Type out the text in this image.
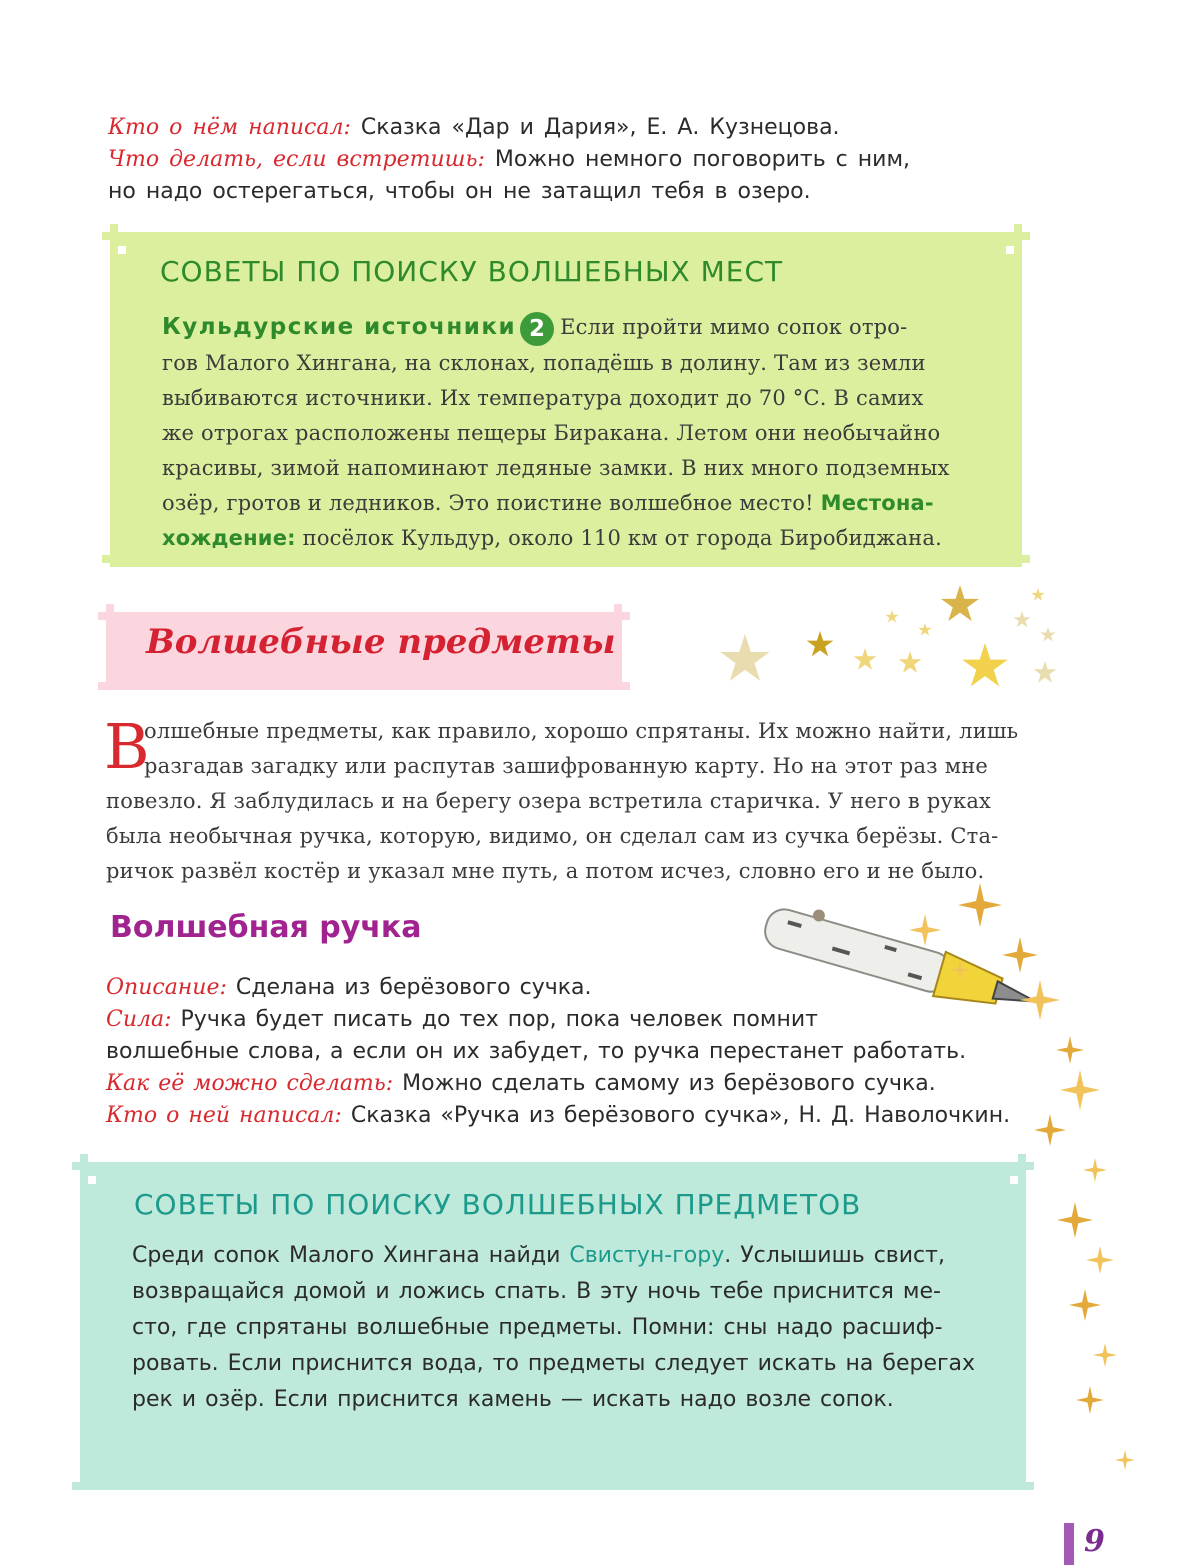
Кто о нём написал: Сказка «Дар и Дария», Е. А. Кузнецова.
Что делать, если встретишь: Можно немного поговорить с ним,
но надо остерегаться, чтобы он не затащил тебя в озеро.
СОВЕТЫ ПО ПОИСКУ ВОЛШЕБНЫХ МЕСТ
Кульдурские источники 2 Если пройти мимо сопок отро-
гов Малого Хингана, на склонах, попадёшь в долину. Там из земли
выбиваются источники. Их температура доходит до 70 °С. В самих
же отрогах расположены пещеры Биракана. Летом они необычайно
красивы, зимой напоминают ледяные замки. В них много подземных
озёр, гротов и ледников. Это поистине волшебное место! Местона-
хождение: посёлок Кульдур, около 110 км от города Биробиджана.
Волшебные предметы
В
олшебные предметы, как правило, хорошо спрятаны. Их можно найти, лишь
разгадав загадку или распутав зашифрованную карту. Но на этот раз мне
повезло. Я заблудилась и на берегу озера встретила старичка. У него в руках
была необычная ручка, которую, видимо, он сделал сам из сучка берёзы. Ста-
ричок развёл костёр и указал мне путь, а потом исчез, словно его и не было.
Волшебная ручка
Описание: Сделана из берёзового сучка.
Сила: Ручка будет писать до тех пор, пока человек помнит
волшебные слова, а если он их забудет, то ручка перестанет работать.
Как её можно сделать: Можно сделать самому из берёзового сучка.
Кто о ней написал: Сказка «Ручка из берёзового сучка», Н. Д. Наволочкин.
СОВЕТЫ ПО ПОИСКУ ВОЛШЕБНЫХ ПРЕДМЕТОВ
Среди сопок Малого Хингана найди Свистун-гору. Услышишь свист,
возвращайся домой и ложись спать. В эту ночь тебе приснится ме-
сто, где спрятаны волшебные предметы. Помни: сны надо расшиф-
ровать. Если приснится вода, то предметы следует искать на берегах
рек и озёр. Если приснится камень — искать надо возле сопок.
9
